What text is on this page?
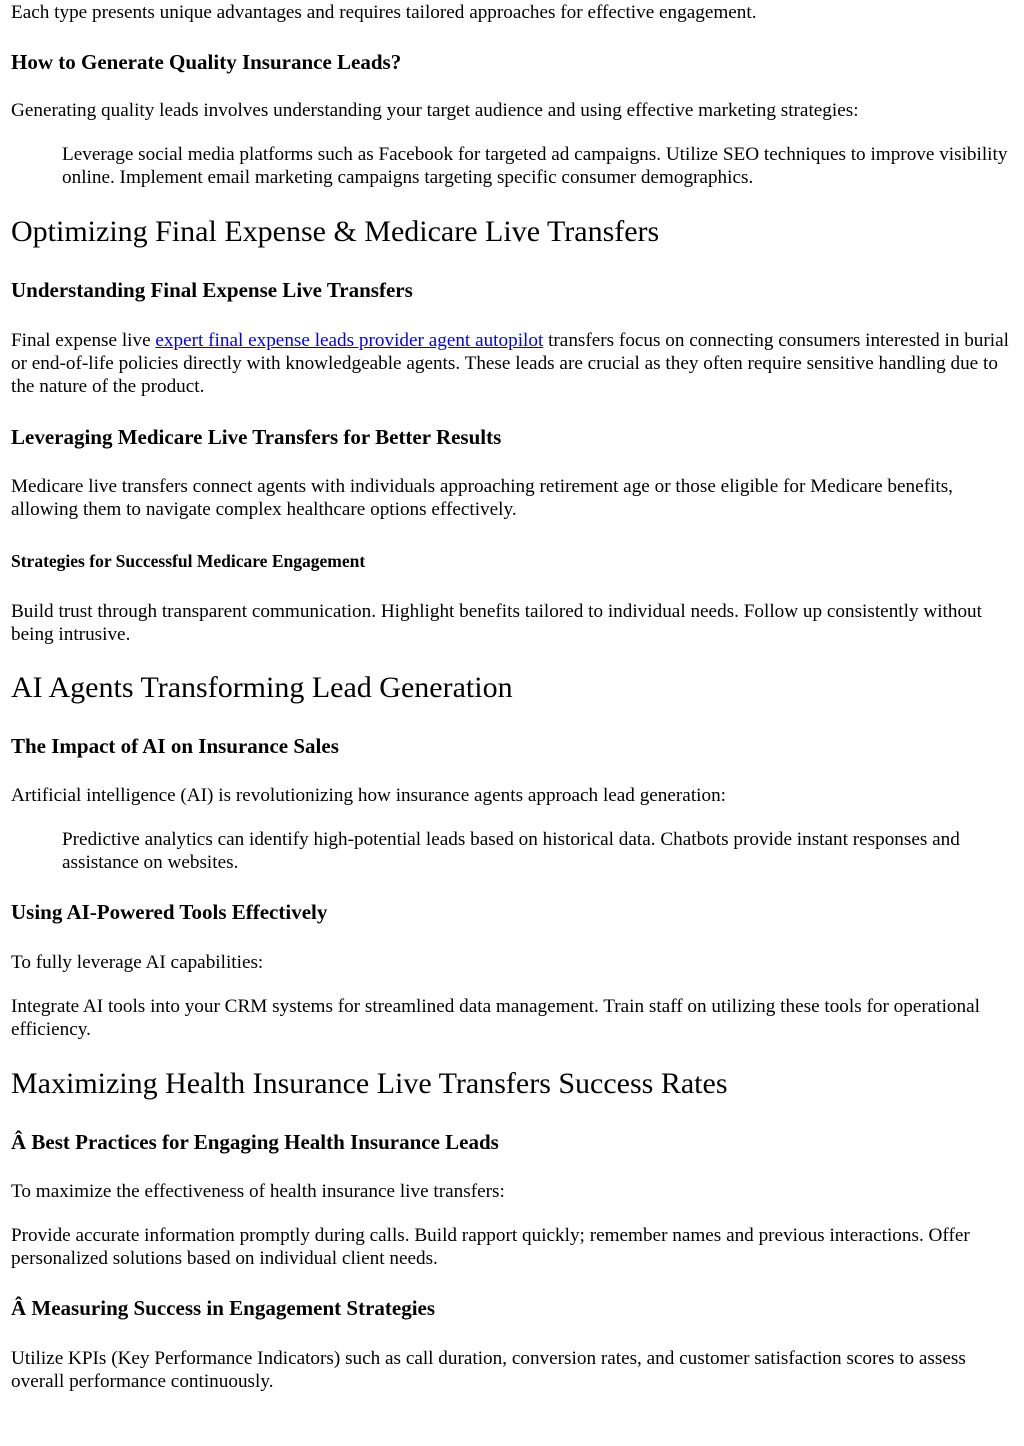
Each type presents unique advantages and requires tailored approaches for effective engagement.

How to Generate Quality Insurance Leads?

Generating quality leads involves understanding your target audience and using effective marketing strategies:

Leverage social media platforms such as Facebook for targeted ad campaigns. Utilize SEO techniques to improve visibility online. Implement email marketing campaigns targeting specific consumer demographics.

Optimizing Final Expense & Medicare Live Transfers
Understanding Final Expense Live Transfers

Final expense live expert final expense leads provider agent autopilot transfers focus on connecting consumers interested in burial or end-of-life policies directly with knowledgeable agents. These leads are crucial as they often require sensitive handling due to the nature of the product.

Leveraging Medicare Live Transfers for Better Results

Medicare live transfers connect agents with individuals approaching retirement age or those eligible for Medicare benefits, allowing them to navigate complex healthcare options effectively.

Strategies for Successful Medicare Engagement

Build trust through transparent communication. Highlight benefits tailored to individual needs. Follow up consistently without being intrusive.

AI Agents Transforming Lead Generation
The Impact of AI on Insurance Sales

Artificial intelligence (AI) is revolutionizing how insurance agents approach lead generation:

Predictive analytics can identify high-potential leads based on historical data. Chatbots provide instant responses and assistance on websites.

Using AI-Powered Tools Effectively

To fully leverage AI capabilities:

Integrate AI tools into your CRM systems for streamlined data management. Train staff on utilizing these tools for operational efficiency.

Maximizing Health Insurance Live Transfers Success Rates
Â Best Practices for Engaging Health Insurance Leads

To maximize the effectiveness of health insurance live transfers:

Provide accurate information promptly during calls. Build rapport quickly; remember names and previous interactions. Offer personalized solutions based on individual client needs.

Â Measuring Success in Engagement Strategies

Utilize KPIs (Key Performance Indicators) such as call duration, conversion rates, and customer satisfaction scores to assess overall performance continuously.
